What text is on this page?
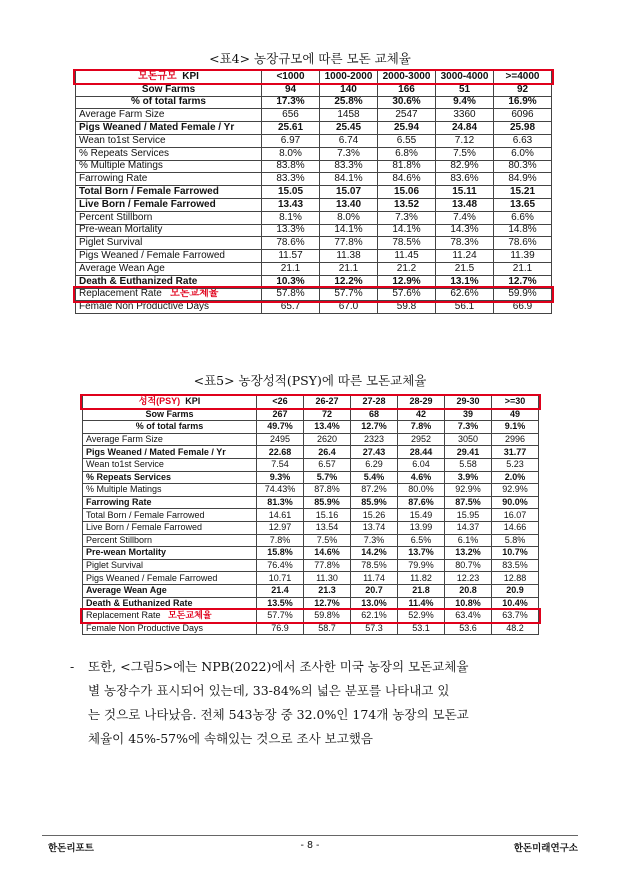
<표4> 농장규모에 따른 모돈 교체율
모돈규모 KPI	<1000	1000-2000	2000-3000	3000-4000	>=4000
Sow Farms	94	140	166	51	92
% of total farms	17.3%	25.8%	30.6%	9.4%	16.9%
Average Farm Size	656	1458	2547	3360	6096
Pigs Weaned / Mated Female / Yr	25.61	25.45	25.94	24.84	25.98
Wean to1st Service	6.97	6.74	6.55	7.12	6.63
% Repeats Services	8.0%	7.3%	6.8%	7.5%	6.0%
% Multiple Matings	83.8%	83.3%	81.8%	82.9%	80.3%
Farrowing Rate	83.3%	84.1%	84.6%	83.6%	84.9%
Total Born / Female Farrowed	15.05	15.07	15.06	15.11	15.21
Live Born / Female Farrowed	13.43	13.40	13.52	13.48	13.65
Percent Stillborn	8.1%	8.0%	7.3%	7.4%	6.6%
Pre-wean Mortality	13.3%	14.1%	14.1%	14.3%	14.8%
Piglet Survival	78.6%	77.8%	78.5%	78.3%	78.6%
Pigs Weaned / Female Farrowed	11.57	11.38	11.45	11.24	11.39
Average Wean Age	21.1	21.1	21.2	21.5	21.1
Death & Euthanized Rate	10.3%	12.2%	12.9%	13.1%	12.7%
Replacement Rate 모돈교체율	57.8%	57.7%	57.6%	62.6%	59.9%
Female Non Productive Days	65.7	67.0	59.8	56.1	66.9
<표5> 농장성적(PSY)에 따른 모돈교체율
성적(PSY) KPI	<26	26-27	27-28	28-29	29-30	>=30
Sow Farms	267	72	68	42	39	49
% of total farms	49.7%	13.4%	12.7%	7.8%	7.3%	9.1%
Average Farm Size	2495	2620	2323	2952	3050	2996
Pigs Weaned / Mated Female / Yr	22.68	26.4	27.43	28.44	29.41	31.77
Wean to1st Service	7.54	6.57	6.29	6.04	5.58	5.23
% Repeats Services	9.3%	5.7%	5.4%	4.6%	3.9%	2.0%
% Multiple Matings	74.43%	87.8%	87.2%	80.0%	92.9%	92.9%
Farrowing Rate	81.3%	85.9%	85.9%	87.6%	87.5%	90.0%
Total Born / Female Farrowed	14.61	15.16	15.26	15.49	15.95	16.07
Live Born / Female Farrowed	12.97	13.54	13.74	13.99	14.37	14.66
Percent Stillborn	7.8%	7.5%	7.3%	6.5%	6.1%	5.8%
Pre-wean Mortality	15.8%	14.6%	14.2%	13.7%	13.2%	10.7%
Piglet Survival	76.4%	77.8%	78.5%	79.9%	80.7%	83.5%
Pigs Weaned / Female Farrowed	10.71	11.30	11.74	11.82	12.23	12.88
Average Wean Age	21.4	21.3	20.7	21.8	20.8	20.9
Death & Euthanized Rate	13.5%	12.7%	13.0%	11.4%	10.8%	10.4%
Replacement Rate 모돈교체율	57.7%	59.8%	62.1%	52.9%	63.4%	63.7%
Female Non Productive Days	76.9	58.7	57.3	53.1	53.6	48.2
- 또한, <그림5>에는 NPB(2022)에서 조사한 미국 농장의 모돈교체율
별 농장수가 표시되어 있는데, 33-84%의 넓은 분포를 나타내고 있
는 것으로 나타났음. 전체 543농장 중 32.0%인 174개 농장의 모돈교
체율이 45%-57%에 속해있는 것으로 조사 보고했음
한돈리포트	- 8 -	한돈미래연구소
